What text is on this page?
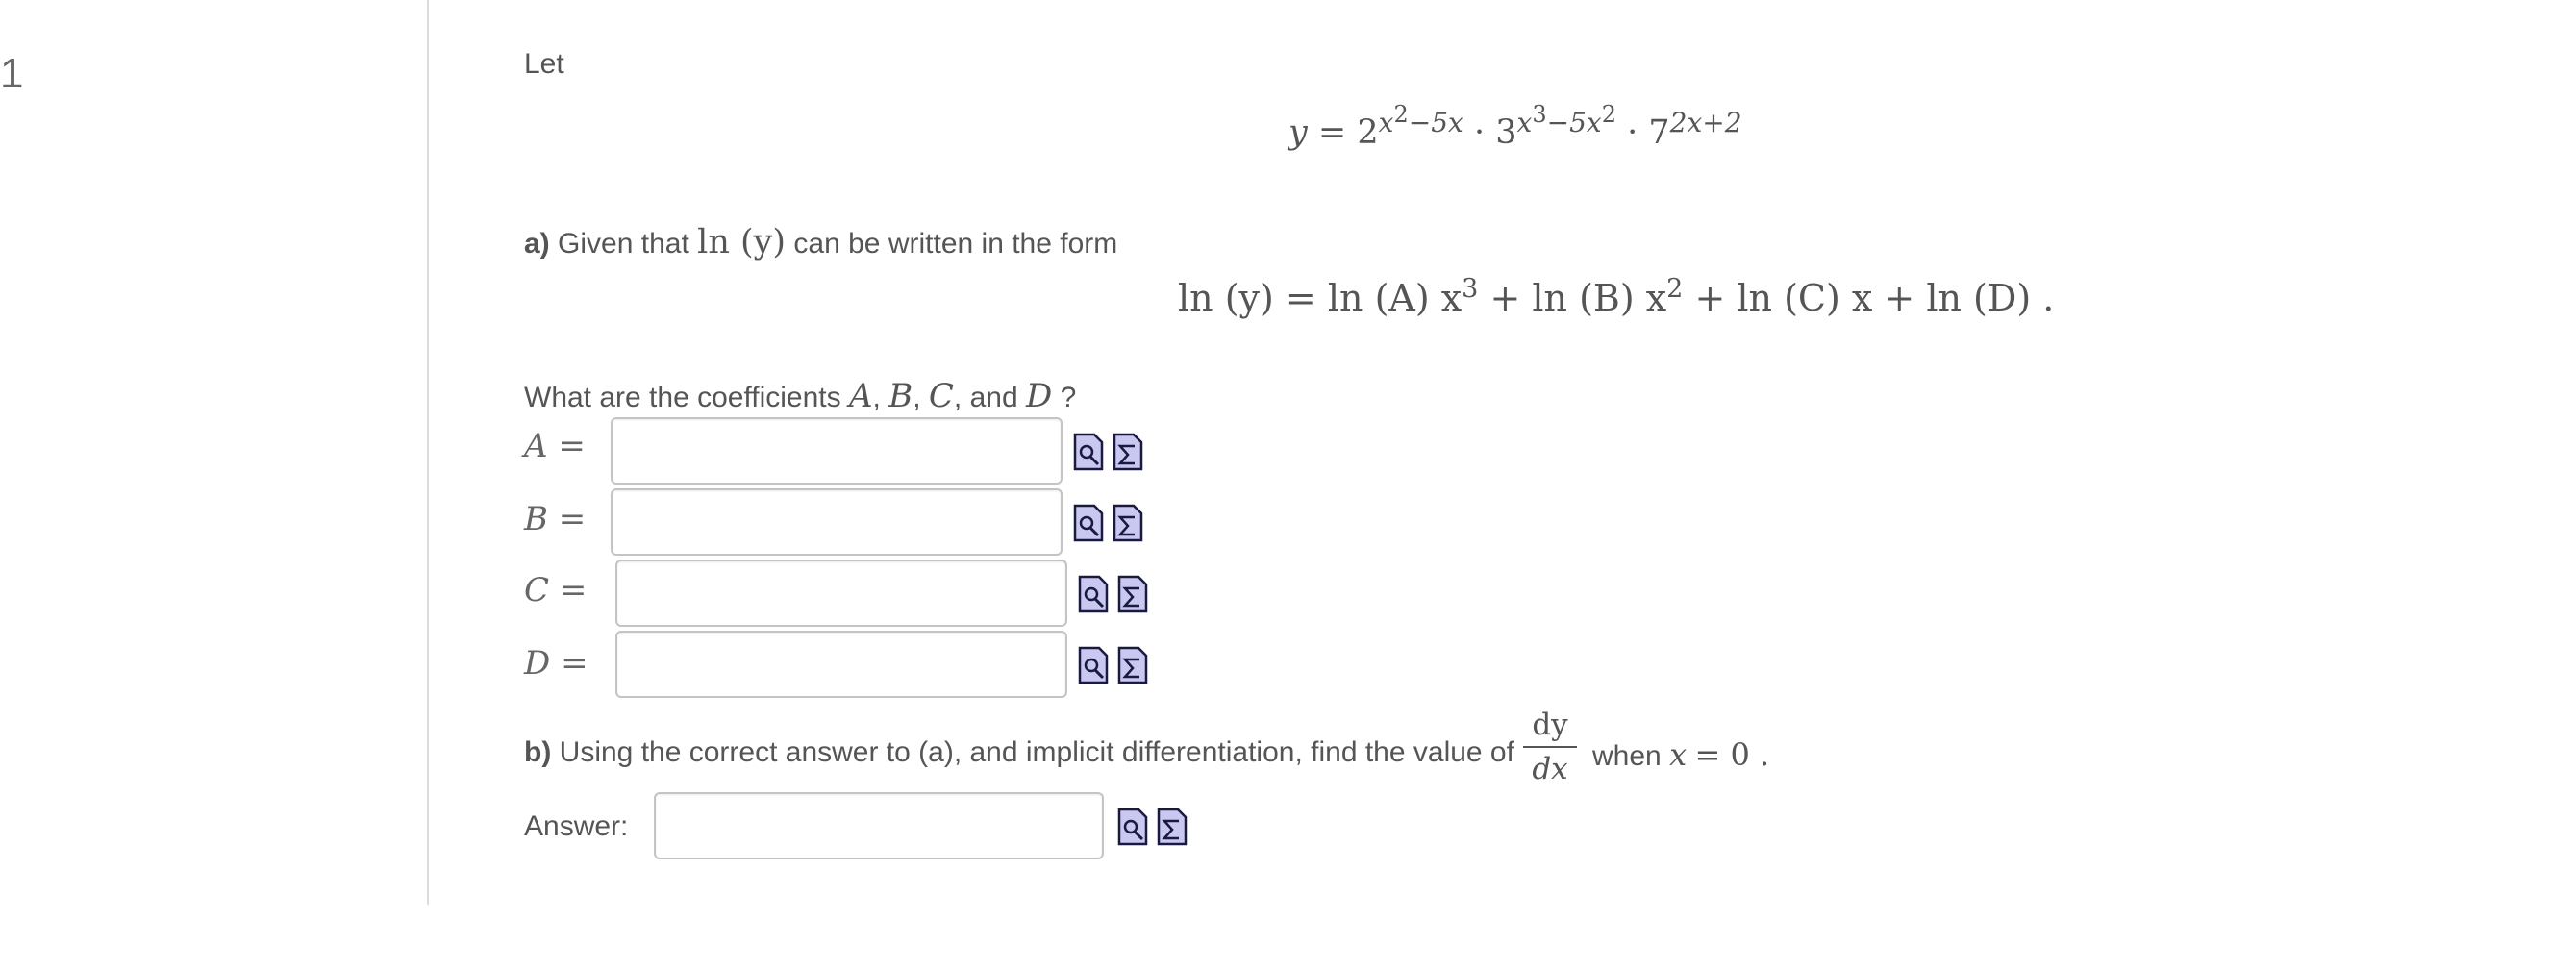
1	Let
$y = 2^{x^2-5x} \cdot 3^{x^3-5x^2} \cdot 7^{2x+2}$
a) Given that ln (y) can be written in the form
ln (y) = ln (A) $x^3 + \ln (B) x^2 + \ln (C) x + \ln (D)$ .
What are the coefficients A, B, C, and D ?
A =
B =
C =
D =
b) Using the correct answer to (a), and implicit differentiation, find the value of
dy
dx when x = 0 .
Answer:
